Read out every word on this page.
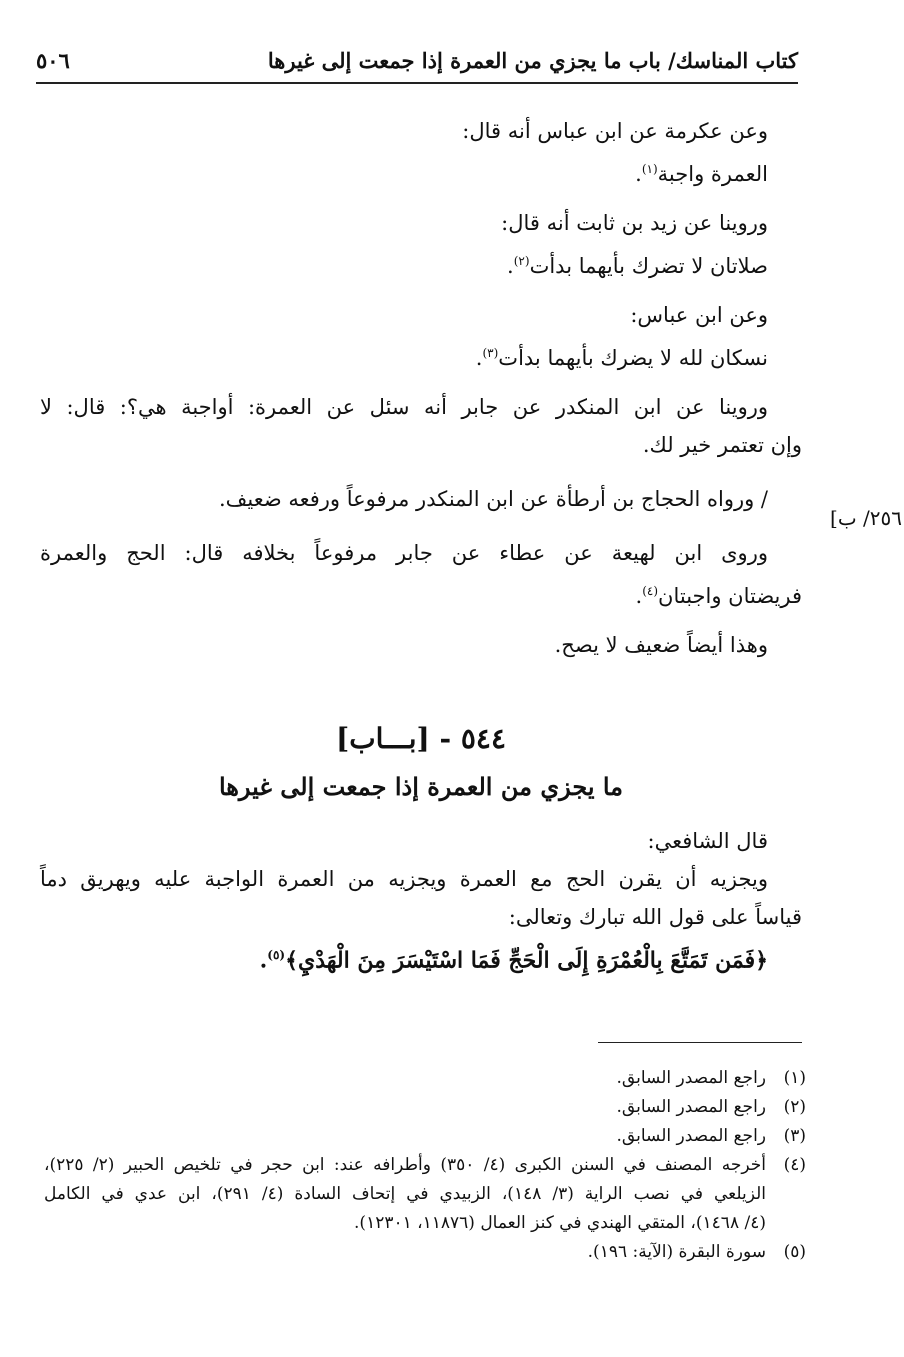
كتاب المناسك/ باب ما يجزي من العمرة إذا جمعت إلى غيرها
٥٠٦
٢٥٦/ ب]
وعن عكرمة عن ابن عباس أنه قال:
العمرة واجبة$^{(١)}$.
وروينا عن زيد بن ثابت أنه قال:
صلاتان لا تضرك بأيهما بدأت$^{(٢)}$.
وعن ابن عباس:
نسكان لله لا يضرك بأيهما بدأت$^{(٣)}$.
وروينا عن ابن المنكدر عن جابر أنه سئل عن العمرة: أواجبة هي؟: قال: لا
وإن تعتمر خير لك.
/ ورواه الحجاج بن أرطأة عن ابن المنكدر مرفوعاً ورفعه ضعيف.
وروى ابن لهيعة عن عطاء عن جابر مرفوعاً بخلافه قال: الحج والعمرة
فريضتان واجبتان$^{(٤)}$.
وهذا أيضاً ضعيف لا يصح.
٥٤٤ - [بـــاب]
ما يجزي من العمرة إذا جمعت إلى غيرها
قال الشافعي:
ويجزيه أن يقرن الحج مع العمرة ويجزيه من العمرة الواجبة عليه ويهريق دماً
قياساً على قول الله تبارك وتعالى:
﴿فَمَن تَمَتَّعَ بِالْعُمْرَةِ إِلَى الْحَجِّ فَمَا اسْتَيْسَرَ مِنَ الْهَدْيِ﴾$^{(٥)}$.
(١)
راجع المصدر السابق.
(٢)
راجع المصدر السابق.
(٣)
راجع المصدر السابق.
(٤)
أخرجه المصنف في السنن الكبرى (٤/ ٣٥٠) وأطرافه عند: ابن حجر في تلخيص الحبير (٢/ ٢٢٥)،
الزيلعي في نصب الراية (٣/ ١٤٨)، الزبيدي في إتحاف السادة (٤/ ٢٩١)، ابن عدي في الكامل
(٤/ ١٤٦٨)، المتقي الهندي في كنز العمال (١١٨٧٦، ١٢٣٠١).
(٥)
سورة البقرة (الآية: ١٩٦).
